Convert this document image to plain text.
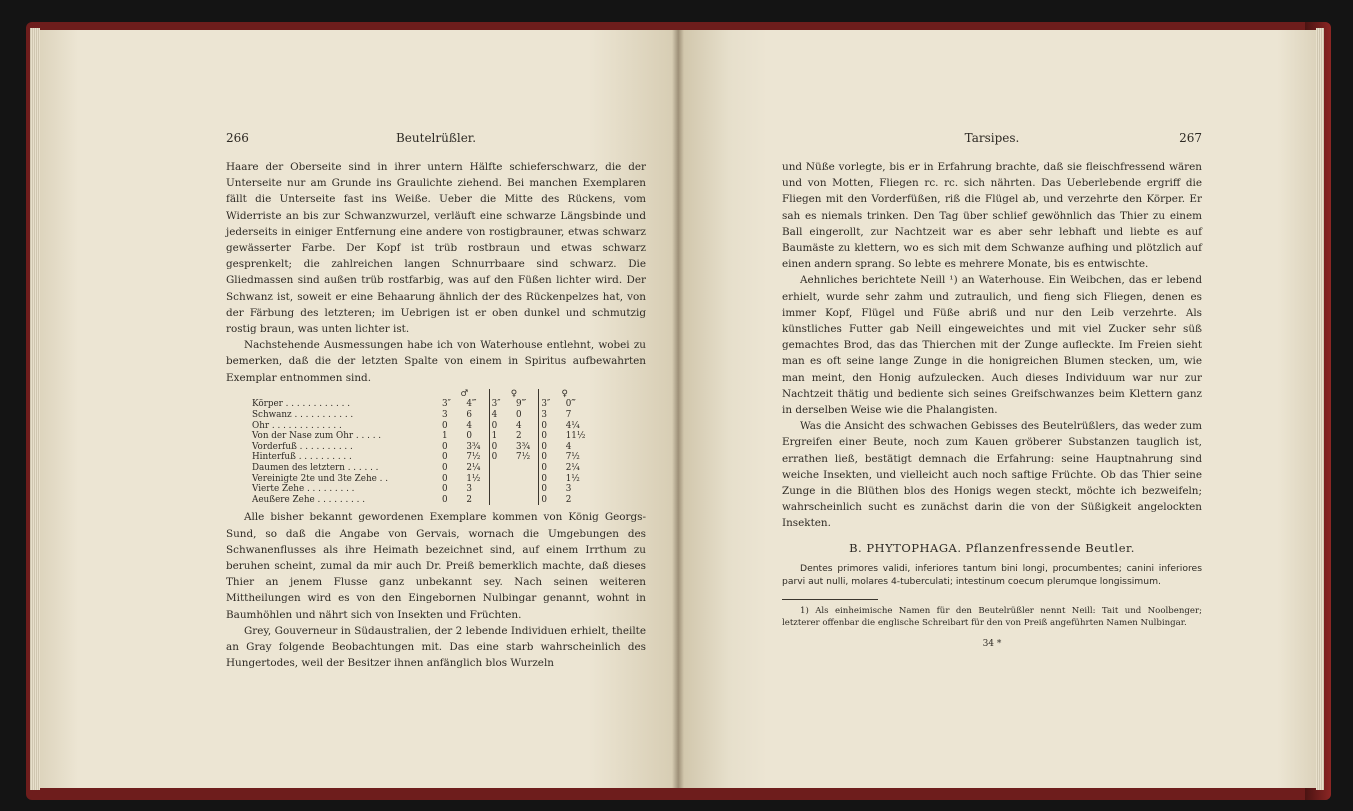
266	Beutelrüßler.

Haare der Oberseite sind in ihrer untern Hälfte schieferschwarz, die der Unterseite nur am Grunde ins Graulichte ziehend. Bei manchen Exemplaren fällt die Unterseite fast ins Weiße. Ueber die Mitte des Rückens, vom Widerriste an bis zur Schwanzwurzel, verläuft eine schwarze Längsbinde und jederseits in einiger Entfernung eine andere von rostigbrauner, etwas schwarz gewässerter Farbe. Der Kopf ist trüb rostbraun und etwas schwarz gesprenkelt; die zahlreichen langen Schnurrbaare sind schwarz. Die Gliedmassen sind außen trüb rostfarbig, was auf den Füßen lichter wird. Der Schwanz ist, soweit er eine Behaarung ähnlich der des Rückenpelzes hat, von der Färbung des letzteren; im Uebrigen ist er oben dunkel und schmutzig rostig braun, was unten lichter ist.

Nachstehende Ausmessungen habe ich von Waterhouse entlehnt, wobei zu bemerken, daß die der letzten Spalte von einem in Spiritus aufbewahrten Exemplar entnommen sind.

	♂		♀		♀	
Körper . . . . . . . . . . . .	3″	4‴	3″	9‴	3″	0‴
Schwanz . . . . . . . . . . .	3	6	4	0	3	7
Ohr . . . . . . . . . . . . .	0	4	0	4	0	4¼
Von der Nase zum Ohr . . . . .	1	0	1	2	0	11½
Vorderfuß . . . . . . . . . .	0	3¾	0	3¾	0	4
Hinterfuß . . . . . . . . . .	0	7½	0	7½	0	7½
Daumen des letztern . . . . . .	0	2¼			0	2¼
Vereinigte 2te und 3te Zehe . .	0	1½			0	1½
Vierte Zehe . . . . . . . . .	0	3			0	3
Aeußere Zehe . . . . . . . . .	0	2			0	2

Alle bisher bekannt gewordenen Exemplare kommen von König Georgs-Sund, so daß die Angabe von Gervais, wornach die Umgebungen des Schwanenflusses als ihre Heimath bezeichnet sind, auf einem Irrthum zu beruhen scheint, zumal da mir auch Dr. Preiß bemerklich machte, daß dieses Thier an jenem Flusse ganz unbekannt sey. Nach seinen weiteren Mittheilungen wird es von den Eingebornen Nulbingar genannt, wohnt in Baumhöhlen und nährt sich von Insekten und Früchten.

Grey, Gouverneur in Südaustralien, der 2 lebende Individuen erhielt, theilte an Gray folgende Beobachtungen mit. Das eine starb wahrscheinlich des Hungertodes, weil der Besitzer ihnen anfänglich blos Wurzeln

Tarsipes.	267

und Nüße vorlegte, bis er in Erfahrung brachte, daß sie fleischfressend wären und von Motten, Fliegen rc. rc. sich nährten. Das Ueberlebende ergriff die Fliegen mit den Vorderfüßen, riß die Flügel ab, und verzehrte den Körper. Er sah es niemals trinken. Den Tag über schlief gewöhnlich das Thier zu einem Ball eingerollt, zur Nachtzeit war es aber sehr lebhaft und liebte es auf Baumäste zu klettern, wo es sich mit dem Schwanze aufhing und plötzlich auf einen andern sprang. So lebte es mehrere Monate, bis es entwischte.

Aehnliches berichtete Neill ¹) an Waterhouse. Ein Weibchen, das er lebend erhielt, wurde sehr zahm und zutraulich, und fieng sich Fliegen, denen es immer Kopf, Flügel und Füße abriß und nur den Leib verzehrte. Als künstliches Futter gab Neill eingeweichtes und mit viel Zucker sehr süß gemachtes Brod, das das Thierchen mit der Zunge aufleckte. Im Freien sieht man es oft seine lange Zunge in die honigreichen Blumen stecken, um, wie man meint, den Honig aufzulecken. Auch dieses Individuum war nur zur Nachtzeit thätig und bediente sich seines Greifschwanzes beim Klettern ganz in derselben Weise wie die Phalangisten.

Was die Ansicht des schwachen Gebisses des Beutelrüßlers, das weder zum Ergreifen einer Beute, noch zum Kauen gröberer Substanzen tauglich ist, errathen ließ, bestätigt demnach die Erfahrung: seine Hauptnahrung sind weiche Insekten, und vielleicht auch noch saftige Früchte. Ob das Thier seine Zunge in die Blüthen blos des Honigs wegen steckt, möchte ich bezweifeln; wahrscheinlich sucht es zunächst darin die von der Süßigkeit angelockten Insekten.

B. PHYTOPHAGA. Pflanzenfressende Beutler.

Dentes primores validi, inferiores tantum bini longi, procumbentes; canini inferiores parvi aut nulli, molares 4-tuberculati; intestinum coecum plerumque longissimum.

1) Als einheimische Namen für den Beutelrüßler nennt Neill: Tait und Noolbenger; letzterer offenbar die englische Schreibart für den von Preiß angeführten Namen Nulbingar.

34 *
